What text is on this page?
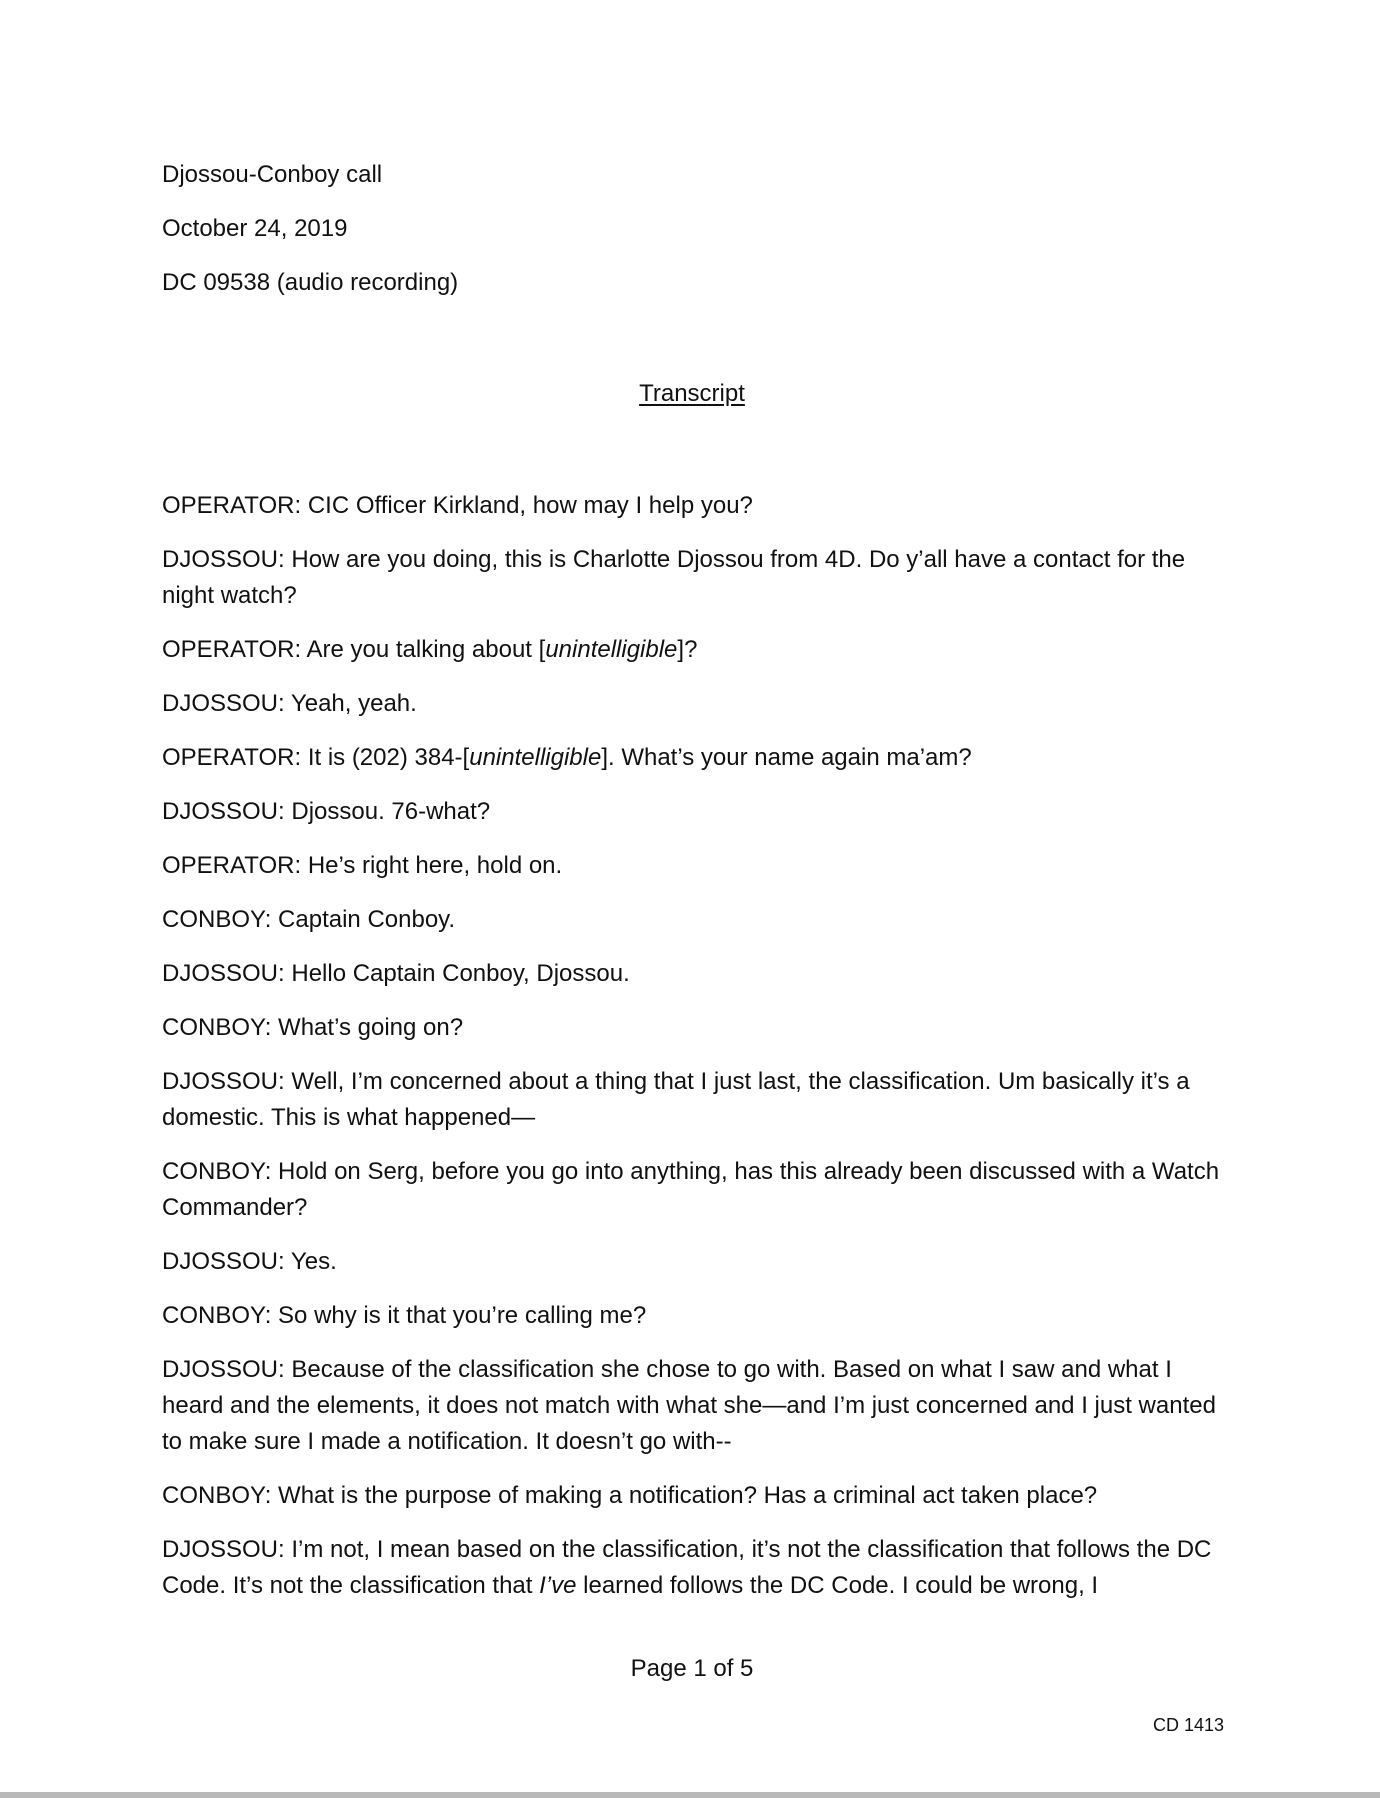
Djossou-Conboy call
October 24, 2019
DC 09538 (audio recording)
Transcript
OPERATOR: CIC Officer Kirkland, how may I help you?
DJOSSOU: How are you doing, this is Charlotte Djossou from 4D. Do y’all have a contact for the night watch?
OPERATOR: Are you talking about [unintelligible]?
DJOSSOU: Yeah, yeah.
OPERATOR: It is (202) 384-[unintelligible]. What’s your name again ma’am?
DJOSSOU: Djossou. 76-what?
OPERATOR: He’s right here, hold on.
CONBOY: Captain Conboy.
DJOSSOU: Hello Captain Conboy, Djossou.
CONBOY: What’s going on?
DJOSSOU: Well, I’m concerned about a thing that I just last, the classification. Um basically it’s a domestic. This is what happened—
CONBOY: Hold on Serg, before you go into anything, has this already been discussed with a Watch Commander?
DJOSSOU: Yes.
CONBOY: So why is it that you’re calling me?
DJOSSOU: Because of the classification she chose to go with. Based on what I saw and what I heard and the elements, it does not match with what she—and I’m just concerned and I just wanted to make sure I made a notification. It doesn’t go with--
CONBOY: What is the purpose of making a notification? Has a criminal act taken place?
DJOSSOU: I’m not, I mean based on the classification, it’s not the classification that follows the DC Code. It’s not the classification that I’ve learned follows the DC Code. I could be wrong, I
Page 1 of 5
CD 1413
